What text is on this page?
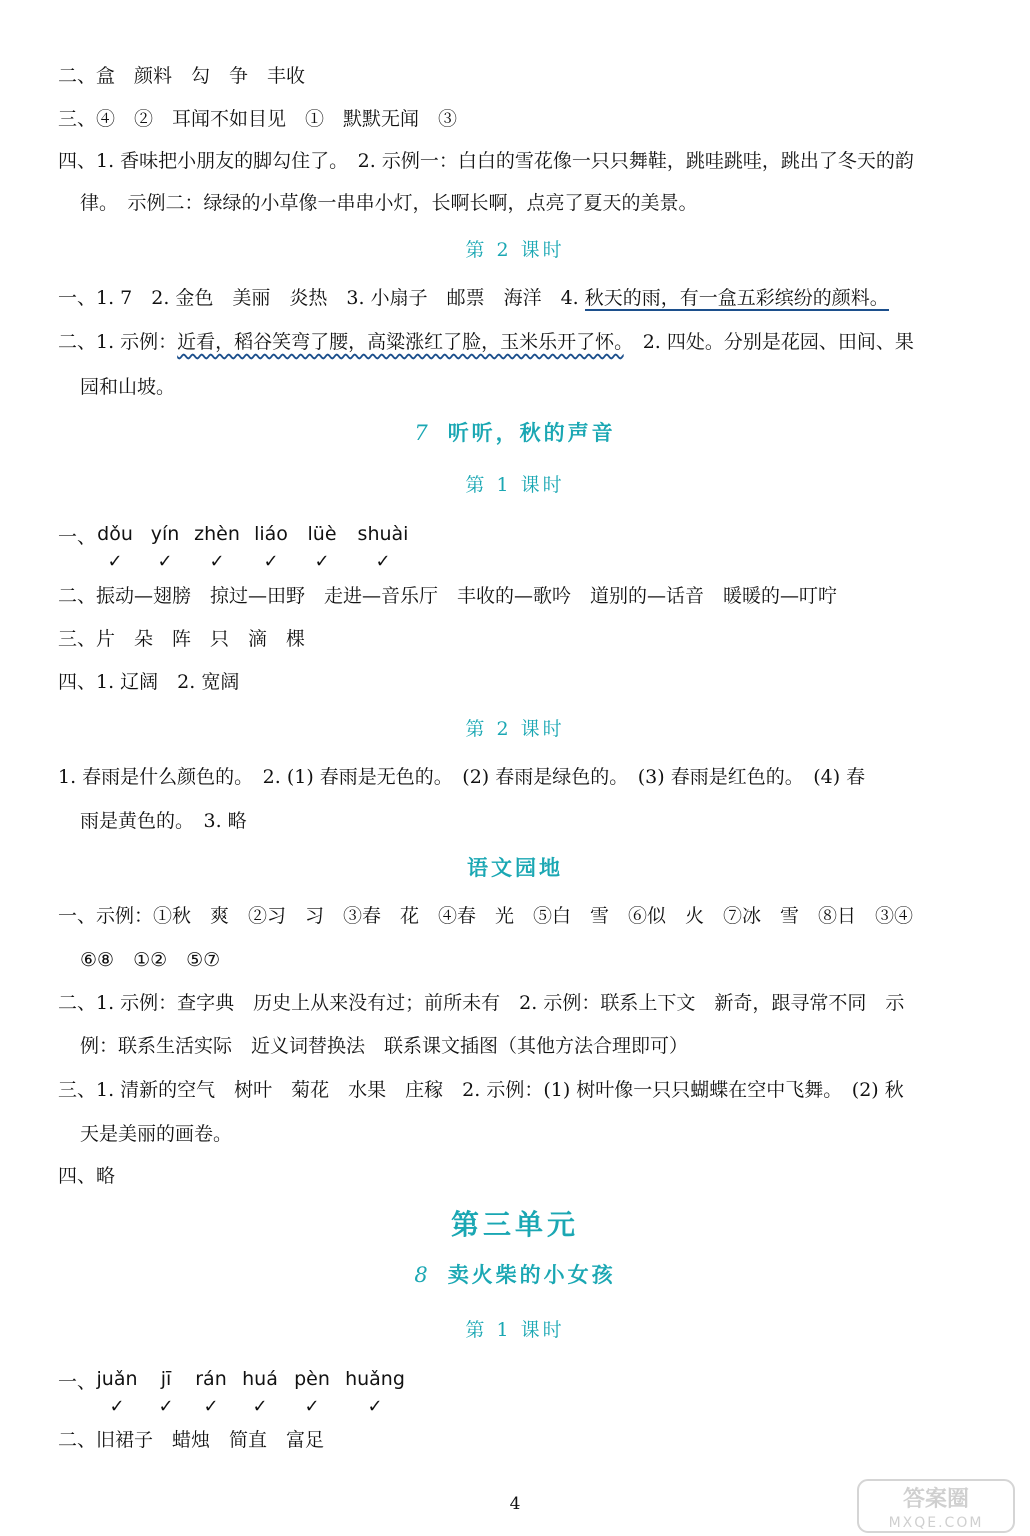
二、盒　颜料　勾　争　丰收
三、④　②　耳闻不如目见　①　默默无闻　③
四、1. 香味把小朋友的脚勾住了。　2. 示例一：白白的雪花像一只只舞鞋，跳哇跳哇，跳出了冬天的韵
律。　示例二：绿绿的小草像一串串小灯，长啊长啊，点亮了夏天的美景。
第 2 课时
一、1. 7　2. 金色　美丽　炎热　3. 小扇子　邮票　海洋　4. 秋天的雨，有一盒五彩缤纷的颜料。
二、1. 示例：近看，稻谷笑弯了腰，高粱涨红了脸，玉米乐开了怀。　2. 四处。分别是花园、田间、果
园和山坡。
7 听听，秋的声音
第 1 课时
一、 dǒu
✓
yín
✓
zhèn
✓
liáo
✓
lüè
✓
shuài
✓
二、振动—翅膀　掠过—田野　走进—音乐厅　丰收的—歌吟　道别的—话音　暖暖的—叮咛
三、片　朵　阵　只　滴　棵
四、1. 辽阔　2. 宽阔
第 2 课时
1. 春雨是什么颜色的。　2. (1) 春雨是无色的。　(2) 春雨是绿色的。　(3) 春雨是红色的。　(4) 春
雨是黄色的。　3. 略
语文园地
一、示例：①秋　爽　②习　习　③春　花　④春　光　⑤白　雪　⑥似　火　⑦冰　雪　⑧日　③④
⑥⑧　①②　⑤⑦
二、1. 示例：查字典　历史上从来没有过；前所未有　2. 示例：联系上下文　新奇，跟寻常不同　示
例：联系生活实际　近义词替换法　联系课文插图（其他方法合理即可）
三、1. 清新的空气　树叶　菊花　水果　庄稼　2. 示例：(1) 树叶像一只只蝴蝶在空中飞舞。　(2) 秋
天是美丽的画卷。
四、略
第三单元
8 卖火柴的小女孩
第 1 课时
一、 juǎn
✓
jī
✓
rán
✓
huá
✓
pèn
✓
huǎng
✓
二、旧裙子　蜡烛　简直　富足
4	答案圈
MXQE.COM
